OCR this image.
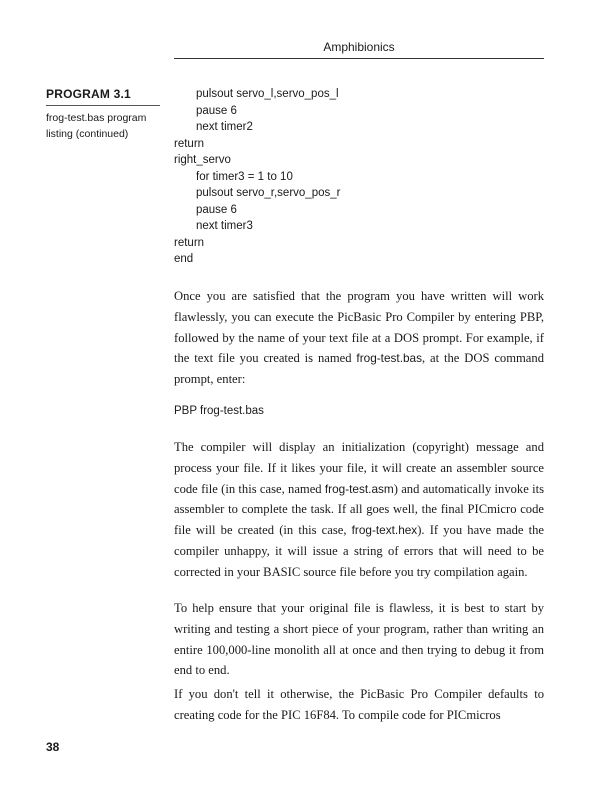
Amphibionics
PROGRAM 3.1
frog-test.bas program
listing (continued)
pulsout servo_l,servo_pos_l
pause 6
next timer2
return
right_servo
for timer3 = 1 to 10
pulsout servo_r,servo_pos_r
pause 6
next timer3
return
end

Once you are satisfied that the program you have written will work flawlessly, you can execute the PicBasic Pro Compiler by entering PBP, followed by the name of your text file at a DOS prompt. For example, if the text file you created is named frog-test.bas, at the DOS command prompt, enter:

PBP frog-test.bas

The compiler will display an initialization (copyright) message and process your file. If it likes your file, it will create an assembler source code file (in this case, named frog-test.asm) and automatically invoke its assembler to complete the task. If all goes well, the final PICmicro code file will be created (in this case, frog-text.hex). If you have made the compiler unhappy, it will issue a string of errors that will need to be corrected in your BASIC source file before you try compilation again.

To help ensure that your original file is flawless, it is best to start by writing and testing a short piece of your program, rather than writing an entire 100,000-line monolith all at once and then trying to debug it from end to end.

If you don't tell it otherwise, the PicBasic Pro Compiler defaults to creating code for the PIC 16F84. To compile code for PICmicros

38
